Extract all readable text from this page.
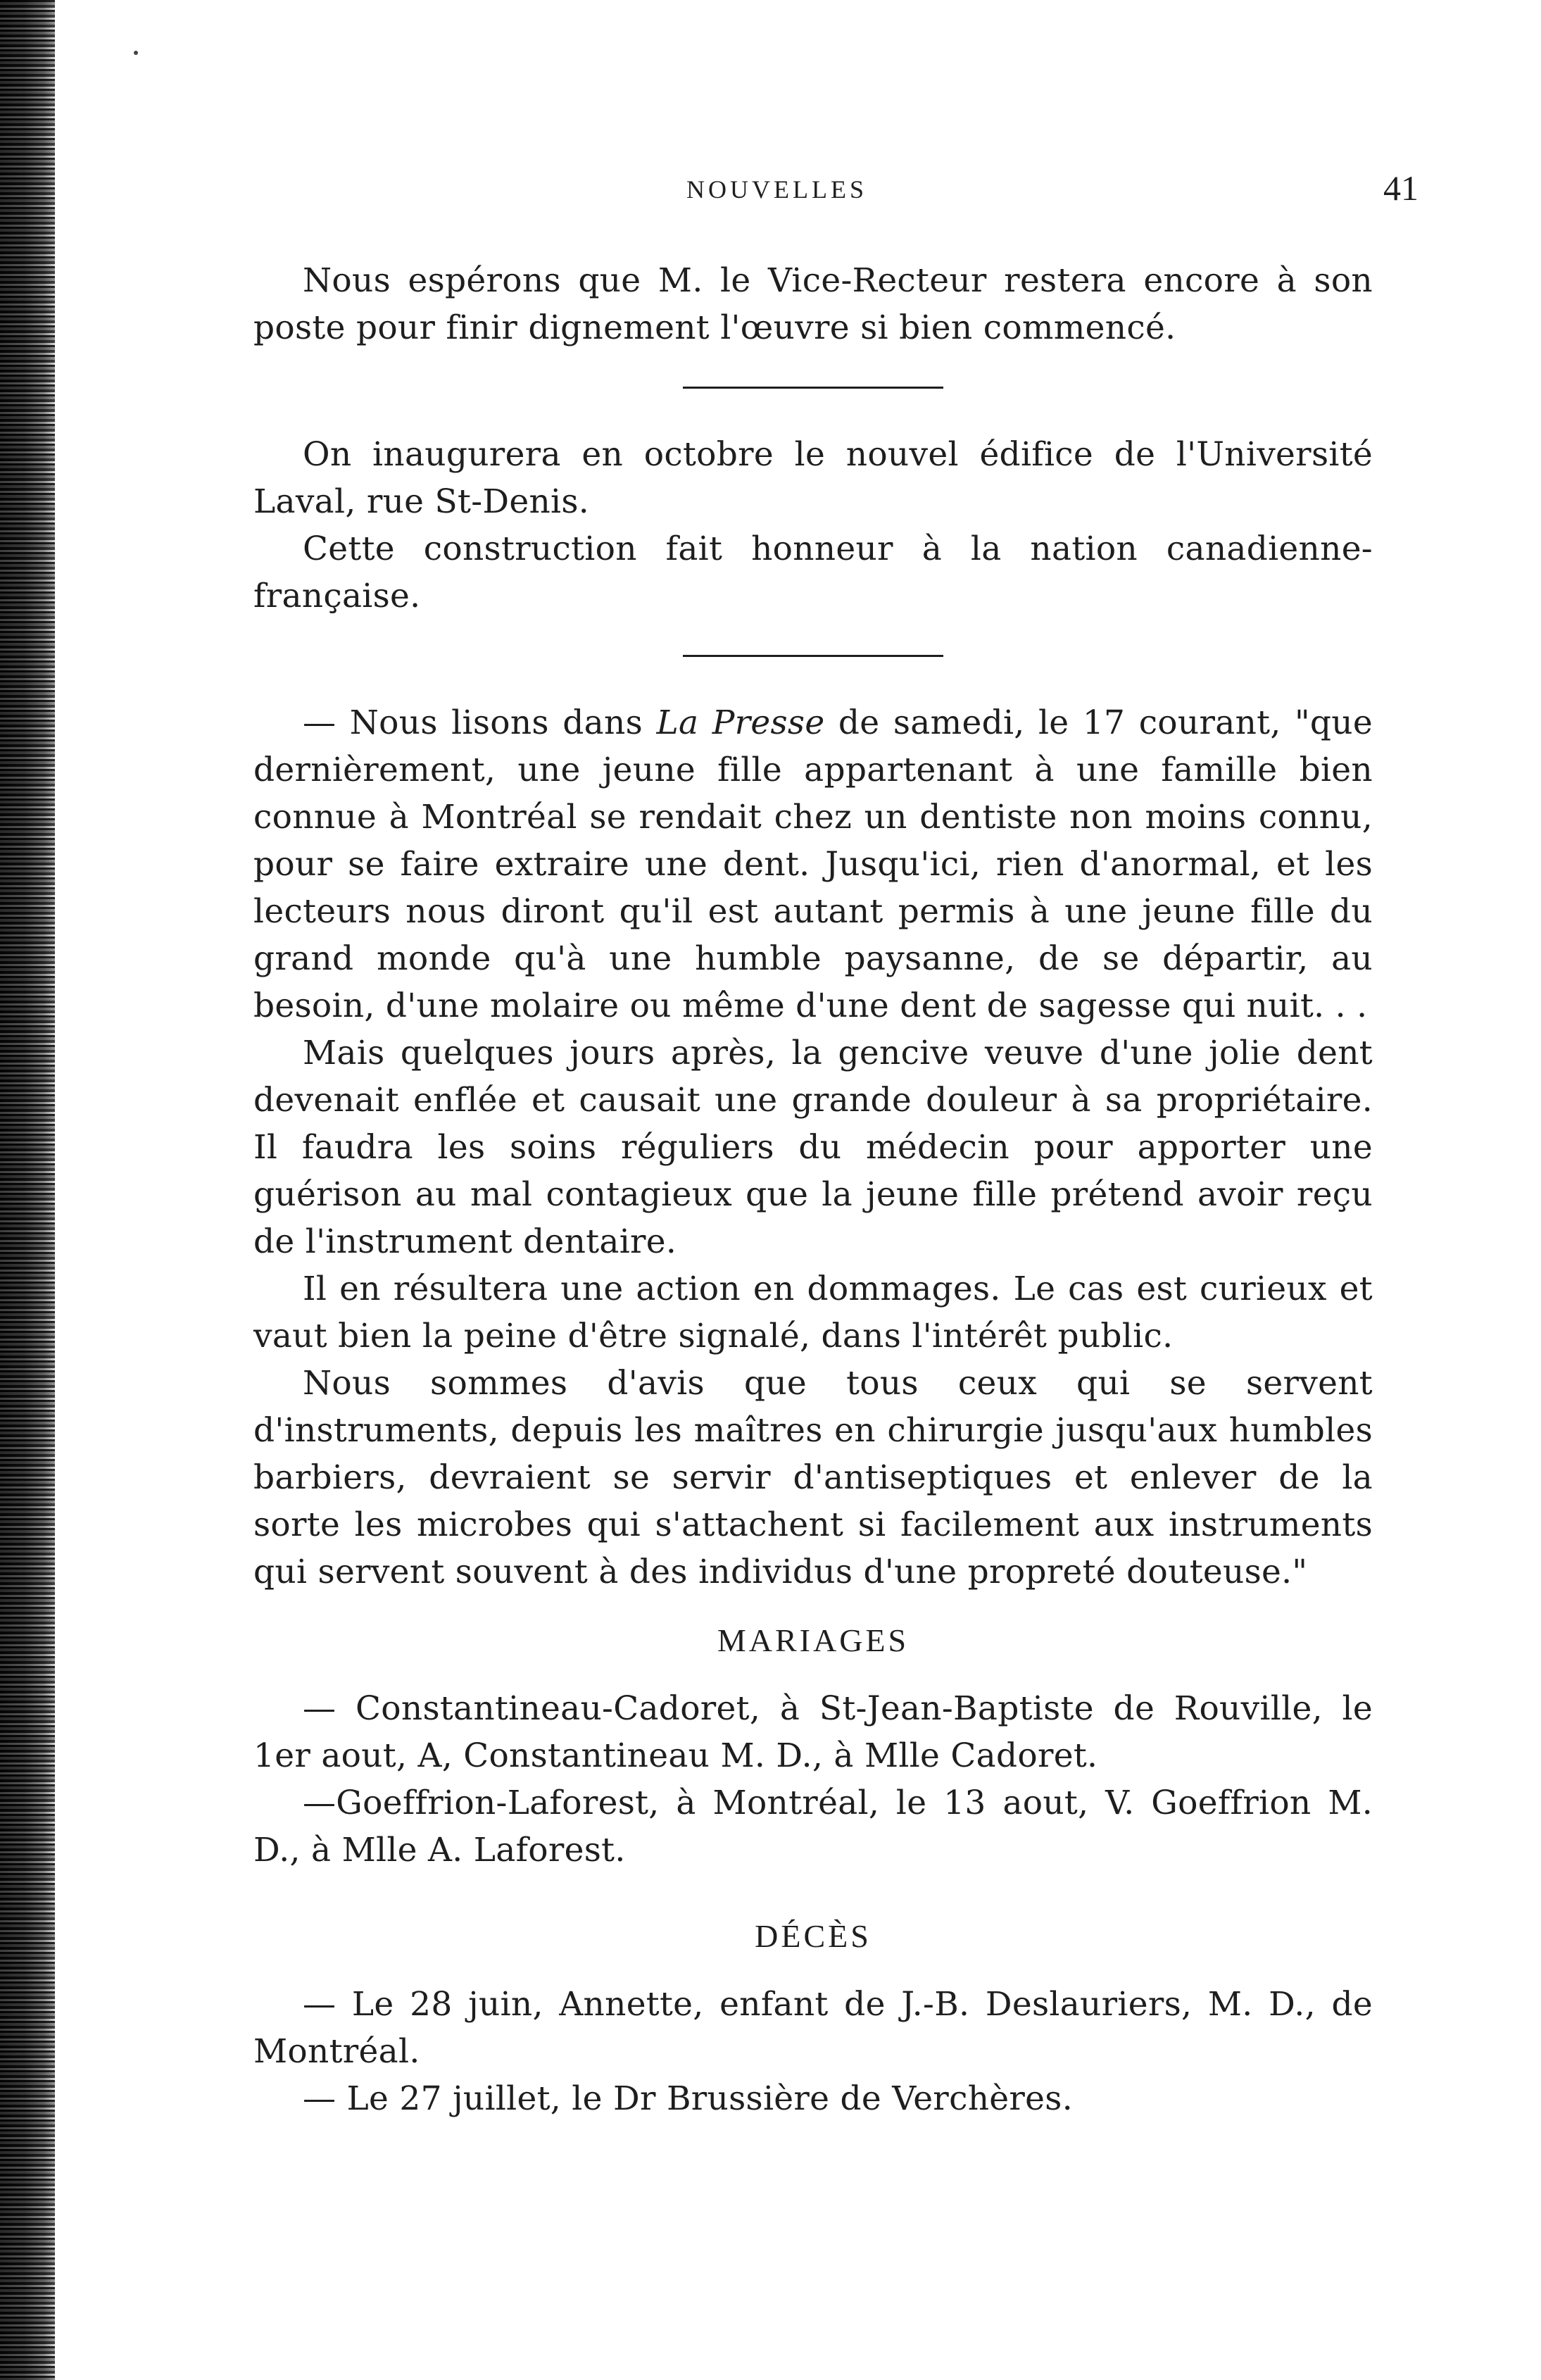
NOUVELLES	41

Nous espérons que M. le Vice-Recteur restera encore à son poste pour finir dignement l'œuvre si bien commencé.

On inaugurera en octobre le nouvel édifice de l'Université Laval, rue St-Denis.

Cette construction fait honneur à la nation canadienne-française.

— Nous lisons dans La Presse de samedi, le 17 courant, "que dernièrement, une jeune fille appartenant à une famille bien connue à Montréal se rendait chez un dentiste non moins connu, pour se faire extraire une dent. Jusqu'ici, rien d'anormal, et les lecteurs nous diront qu'il est autant permis à une jeune fille du grand monde qu'à une humble paysanne, de se départir, au besoin, d'une molaire ou même d'une dent de sagesse qui nuit. . .

Mais quelques jours après, la gencive veuve d'une jolie dent devenait enflée et causait une grande douleur à sa propriétaire. Il faudra les soins réguliers du médecin pour apporter une guérison au mal contagieux que la jeune fille prétend avoir reçu de l'instrument dentaire.

Il en résultera une action en dommages. Le cas est curieux et vaut bien la peine d'être signalé, dans l'intérêt public.

Nous sommes d'avis que tous ceux qui se servent d'instruments, depuis les maîtres en chirurgie jusqu'aux humbles barbiers, devraient se servir d'antiseptiques et enlever de la sorte les microbes qui s'attachent si facilement aux instruments qui servent souvent à des individus d'une propreté douteuse."

MARIAGES

— Constantineau-Cadoret, à St-Jean-Baptiste de Rouville, le 1er aout, A, Constantineau M. D., à Mlle Cadoret.

—Goeffrion-Laforest, à Montréal, le 13 aout, V. Goeffrion M. D., à Mlle A. Laforest.

DÉCÈS

— Le 28 juin, Annette, enfant de J.-B. Deslauriers, M. D., de Montréal.

— Le 27 juillet, le Dr Brussière de Verchères.
